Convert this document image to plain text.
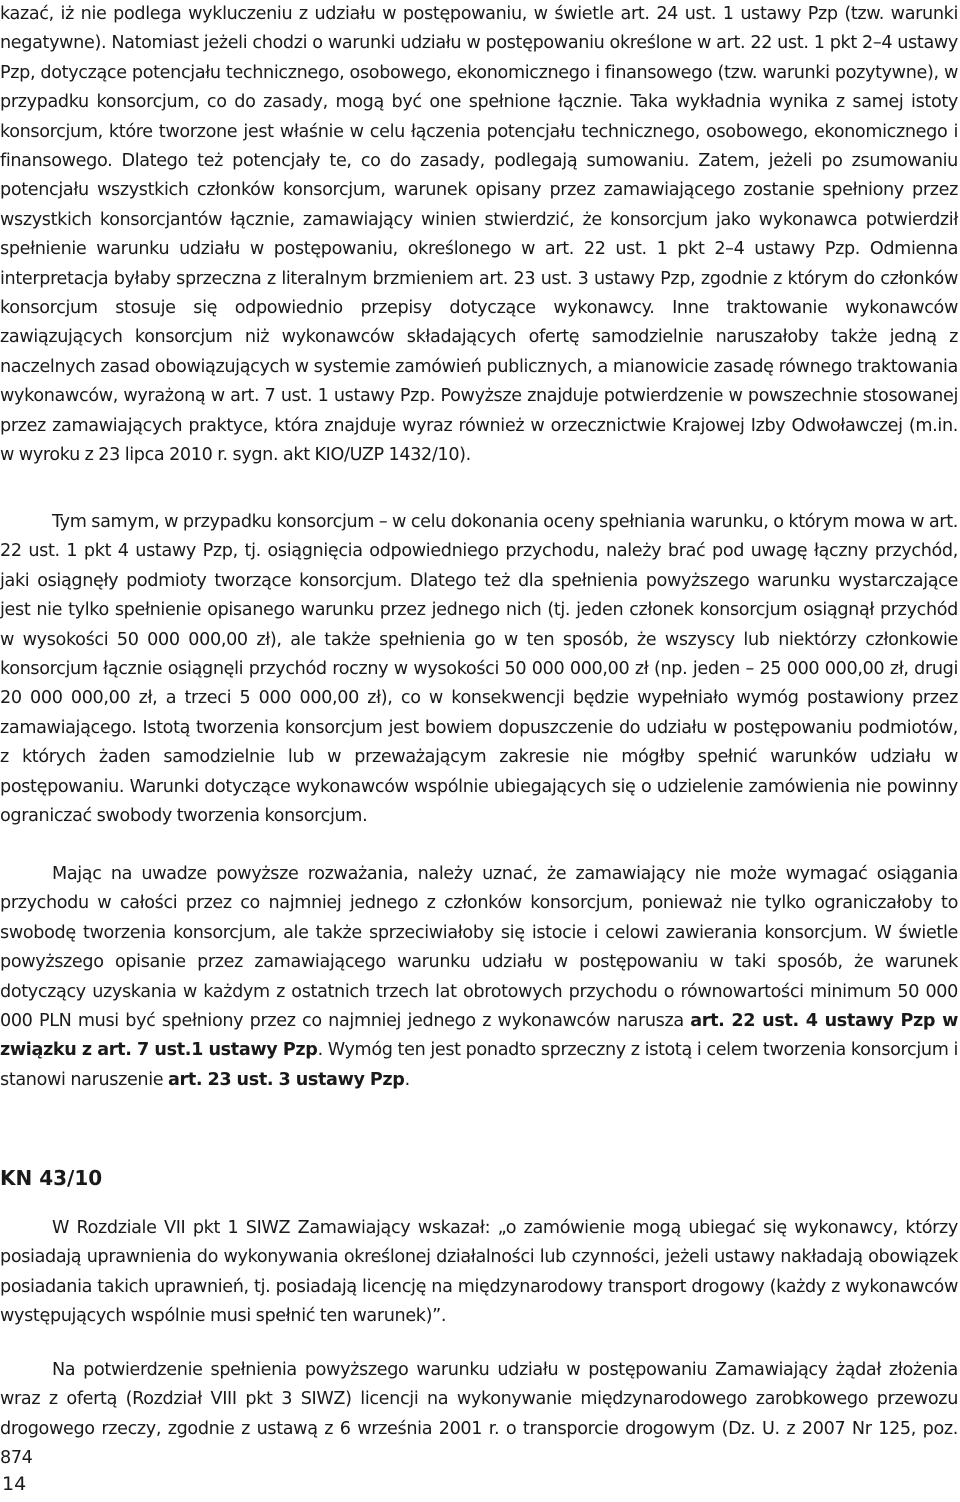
kazać, iż nie podlega wykluczeniu z udziału w postępowaniu, w świetle art. 24 ust. 1 ustawy Pzp (tzw. warunki negatywne). Natomiast jeżeli chodzi o warunki udziału w postępowaniu określone w art. 22 ust. 1 pkt 2–4 ustawy Pzp, dotyczące potencjału technicznego, osobowego, ekonomicznego i finansowego (tzw. warunki pozytywne), w przypadku konsorcjum, co do zasady, mogą być one spełnione łącznie. Taka wykładnia wynika z samej istoty konsorcjum, które tworzone jest właśnie w celu łączenia potencjału technicznego, osobowego, ekonomicznego i finansowego. Dlatego też potencjały te, co do zasady, podlegają sumowaniu. Zatem, jeżeli po zsumowaniu potencjału wszystkich członków konsorcjum, warunek opisany przez zamawiającego zostanie spełniony przez wszystkich konsorcjantów łącznie, zamawiający winien stwierdzić, że konsorcjum jako wykonawca potwierdził spełnienie warunku udziału w postępowaniu, określonego w art. 22 ust. 1 pkt 2–4 ustawy Pzp. Odmienna interpretacja byłaby sprzeczna z literalnym brzmieniem art. 23 ust. 3 ustawy Pzp, zgodnie z którym do członków konsorcjum stosuje się odpowiednio przepisy dotyczące wykonawcy. Inne traktowanie wykonawców zawiązujących konsorcjum niż wykonawców składających ofertę samodzielnie naruszałoby także jedną z naczelnych zasad obowiązujących w systemie zamówień publicznych, a mianowicie zasadę równego traktowania wykonawców, wyrażoną w art. 7 ust. 1 ustawy Pzp. Powyższe znajduje potwierdzenie w powszechnie stosowanej przez zamawiających praktyce, która znajduje wyraz również w orzecznictwie Krajowej Izby Odwoławczej (m.in. w wyroku z 23 lipca 2010 r. sygn. akt KIO/UZP 1432/10).

Tym samym, w przypadku konsorcjum – w celu dokonania oceny spełniania warunku, o którym mowa w art. 22 ust. 1 pkt 4 ustawy Pzp, tj. osiągnięcia odpowiedniego przychodu, należy brać pod uwagę łączny przychód, jaki osiągnęły podmioty tworzące konsorcjum. Dlatego też dla spełnienia powyższego warunku wystarczające jest nie tylko spełnienie opisanego warunku przez jednego nich (tj. jeden członek konsorcjum osiągnął przychód w wysokości 50 000 000,00 zł), ale także spełnienia go w ten sposób, że wszyscy lub niektórzy członkowie konsorcjum łącznie osiągnęli przychód roczny w wysokości 50 000 000,00 zł (np. jeden – 25 000 000,00 zł, drugi 20 000 000,00 zł, a trzeci 5 000 000,00 zł), co w konsekwencji będzie wypełniało wymóg postawiony przez zamawiającego. Istotą tworzenia konsorcjum jest bowiem dopuszczenie do udziału w postępowaniu podmiotów, z których żaden samodzielnie lub w przeważającym zakresie nie mógłby spełnić warunków udziału w postępowaniu. Warunki dotyczące wykonawców wspólnie ubiegających się o udzielenie zamówienia nie powinny ograniczać swobody tworzenia konsorcjum.

Mając na uwadze powyższe rozważania, należy uznać, że zamawiający nie może wymagać osiągania przychodu w całości przez co najmniej jednego z członków konsorcjum, ponieważ nie tylko ograniczałoby to swobodę tworzenia konsorcjum, ale także sprzeciwiałoby się istocie i celowi zawierania konsorcjum. W świetle powyższego opisanie przez zamawiającego warunku udziału w postępowaniu w taki sposób, że warunek dotyczący uzyskania w każdym z ostatnich trzech lat obrotowych przychodu o równowartości minimum 50 000 000 PLN musi być spełniony przez co najmniej jednego z wykonawców narusza art. 22 ust. 4 ustawy Pzp w związku z art. 7 ust.1 ustawy Pzp. Wymóg ten jest ponadto sprzeczny z istotą i celem tworzenia konsorcjum i stanowi naruszenie art. 23 ust. 3 ustawy Pzp.

KN 43/10

W Rozdziale VII pkt 1 SIWZ Zamawiający wskazał: „o zamówienie mogą ubiegać się wykonawcy, którzy posiadają uprawnienia do wykonywania określonej działalności lub czynności, jeżeli ustawy nakładają obowiązek posiadania takich uprawnień, tj. posiadają licencję na międzynarodowy transport drogowy (każdy z wykonawców występujących wspólnie musi spełnić ten warunek)”.

Na potwierdzenie spełnienia powyższego warunku udziału w postępowaniu Zamawiający żądał złożenia wraz z ofertą (Rozdział VIII pkt 3 SIWZ) licencji na wykonywanie międzynarodowego zarobkowego przewozu drogowego rzeczy, zgodnie z ustawą z 6 września 2001 r. o transporcie drogowym (Dz. U. z 2007 Nr 125, poz. 874

14
